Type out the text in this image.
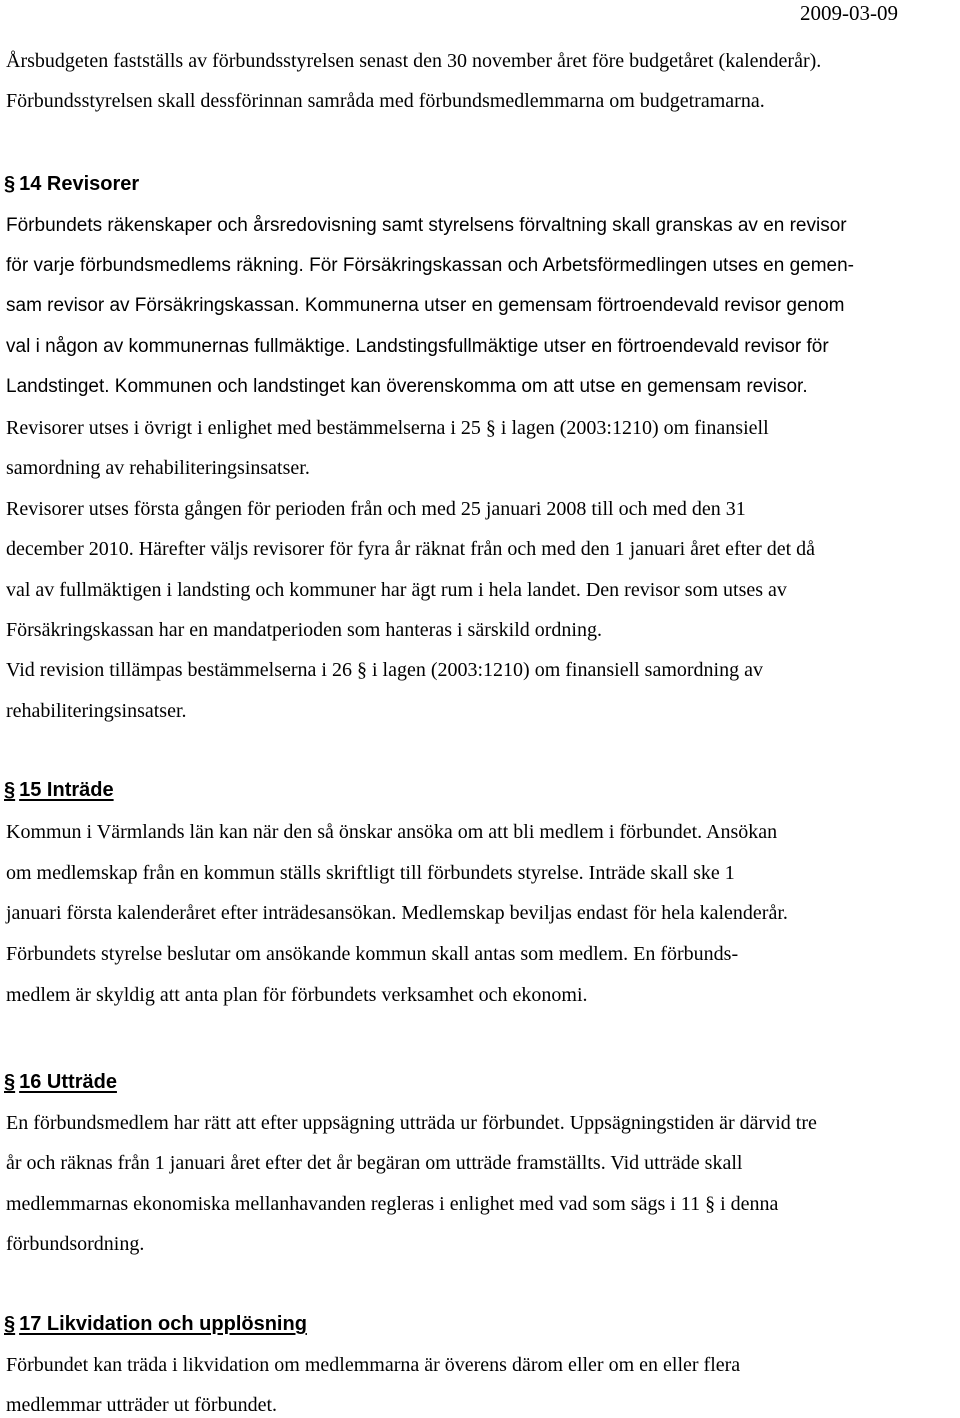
2009-03-09
Årsbudgeten fastställs av förbundsstyrelsen senast den 30 november året före budgetåret (kalenderår).
Förbundsstyrelsen skall dessförinnan samråda med förbundsmedlemmarna om budgetramarna.
§ 14 Revisorer
Förbundets räkenskaper och årsredovisning samt styrelsens förvaltning skall granskas av en revisor
för varje förbundsmedlems räkning. För Försäkringskassan och Arbetsförmedlingen utses en gemen-
sam revisor av Försäkringskassan. Kommunerna utser en gemensam förtroendevald revisor genom
val i någon av kommunernas fullmäktige. Landstingsfullmäktige utser en förtroendevald revisor för
Landstinget. Kommunen och landstinget kan överenskomma om att utse en gemensam revisor.
Revisorer utses i övrigt i enlighet med bestämmelserna i 25 § i lagen (2003:1210) om finansiell
samordning av rehabiliteringsinsatser.
Revisorer utses första gången för perioden från och med 25 januari 2008 till och med den 31
december 2010. Härefter väljs revisorer för fyra år räknat från och med den 1 januari året efter det då
val av fullmäktigen i landsting och kommuner har ägt rum i hela landet. Den revisor som utses av
Försäkringskassan har en mandatperioden som hanteras i särskild ordning.
Vid revision tillämpas bestämmelserna i 26 § i lagen (2003:1210) om finansiell samordning av
rehabiliteringsinsatser.
§ 15 Inträde
Kommun i Värmlands län kan när den så önskar ansöka om att bli medlem i förbundet. Ansökan
om medlemskap från en kommun ställs skriftligt till förbundets styrelse. Inträde skall ske 1
januari första kalenderåret efter inträdesansökan. Medlemskap beviljas endast för hela kalenderår.
Förbundets styrelse beslutar om ansökande kommun skall antas som medlem. En förbunds-
medlem är skyldig att anta plan för förbundets verksamhet och ekonomi.
§ 16 Utträde
En förbundsmedlem har rätt att efter uppsägning utträda ur förbundet. Uppsägningstiden är därvid tre
år och räknas från 1 januari året efter det år begäran om utträde framställts. Vid utträde skall
medlemmarnas ekonomiska mellanhavanden regleras i enlighet med vad som sägs i 11 § i denna
förbundsordning.
§ 17 Likvidation och upplösning
Förbundet kan träda i likvidation om medlemmarna är överens därom eller om en eller flera
medlemmar utträder ut förbundet.
